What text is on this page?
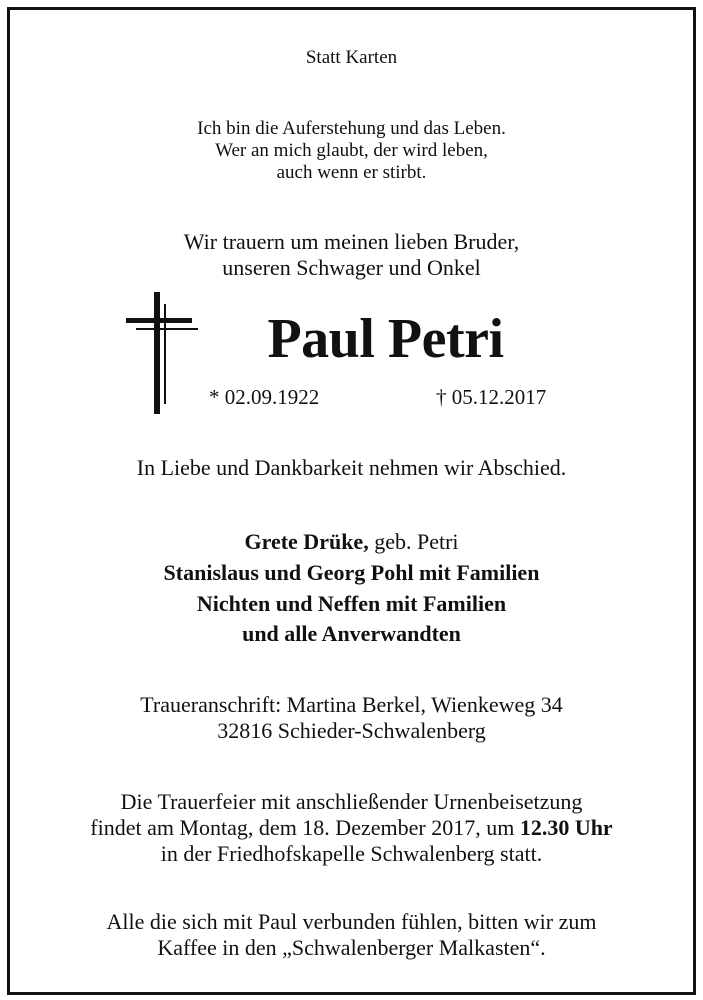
Statt Karten
Ich bin die Auferstehung und das Leben.
Wer an mich glaubt, der wird leben,
auch wenn er stirbt.
Wir trauern um meinen lieben Bruder,
unseren Schwager und Onkel
Paul Petri
* 02.09.1922	† 05.12.2017
In Liebe und Dankbarkeit nehmen wir Abschied.
Grete Drüke, geb. Petri
Stanislaus und Georg Pohl mit Familien
Nichten und Neffen mit Familien
und alle Anverwandten
Traueranschrift: Martina Berkel, Wienkeweg 34
32816 Schieder-Schwalenberg
Die Trauerfeier mit anschließender Urnenbeisetzung
findet am Montag, dem 18. Dezember 2017, um 12.30 Uhr
in der Friedhofskapelle Schwalenberg statt.
Alle die sich mit Paul verbunden fühlen, bitten wir zum
Kaffee in den „Schwalenberger Malkasten“.
